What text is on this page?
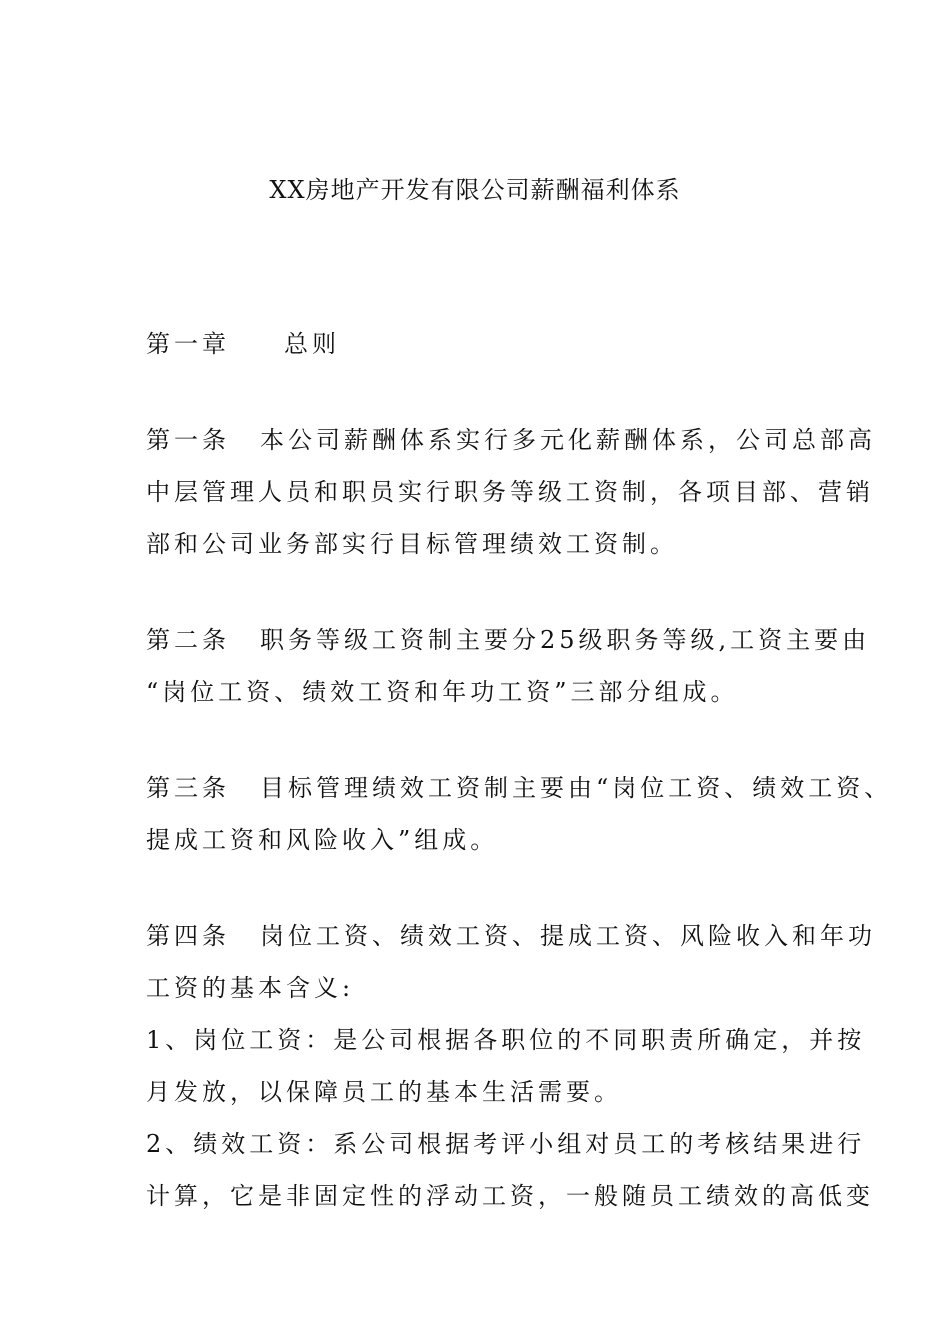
XX房地产开发有限公司薪酬福利体系
第一章 总则
第一条 本公司薪酬体系实行多元化薪酬体系，公司总部高
中层管理人员和职员实行职务等级工资制，各项目部、营销
部和公司业务部实行目标管理绩效工资制。
第二条 职务等级工资制主要分25级职务等级,工资主要由
“岗位工资、绩效工资和年功工资”三部分组成。
第三条 目标管理绩效工资制主要由“岗位工资、绩效工资、
提成工资和风险收入”组成。
第四条 岗位工资、绩效工资、提成工资、风险收入和年功
工资的基本含义:
1、岗位工资：是公司根据各职位的不同职责所确定，并按
月发放，以保障员工的基本生活需要。
2、绩效工资：系公司根据考评小组对员工的考核结果进行
计算，它是非固定性的浮动工资，一般随员工绩效的高低变
